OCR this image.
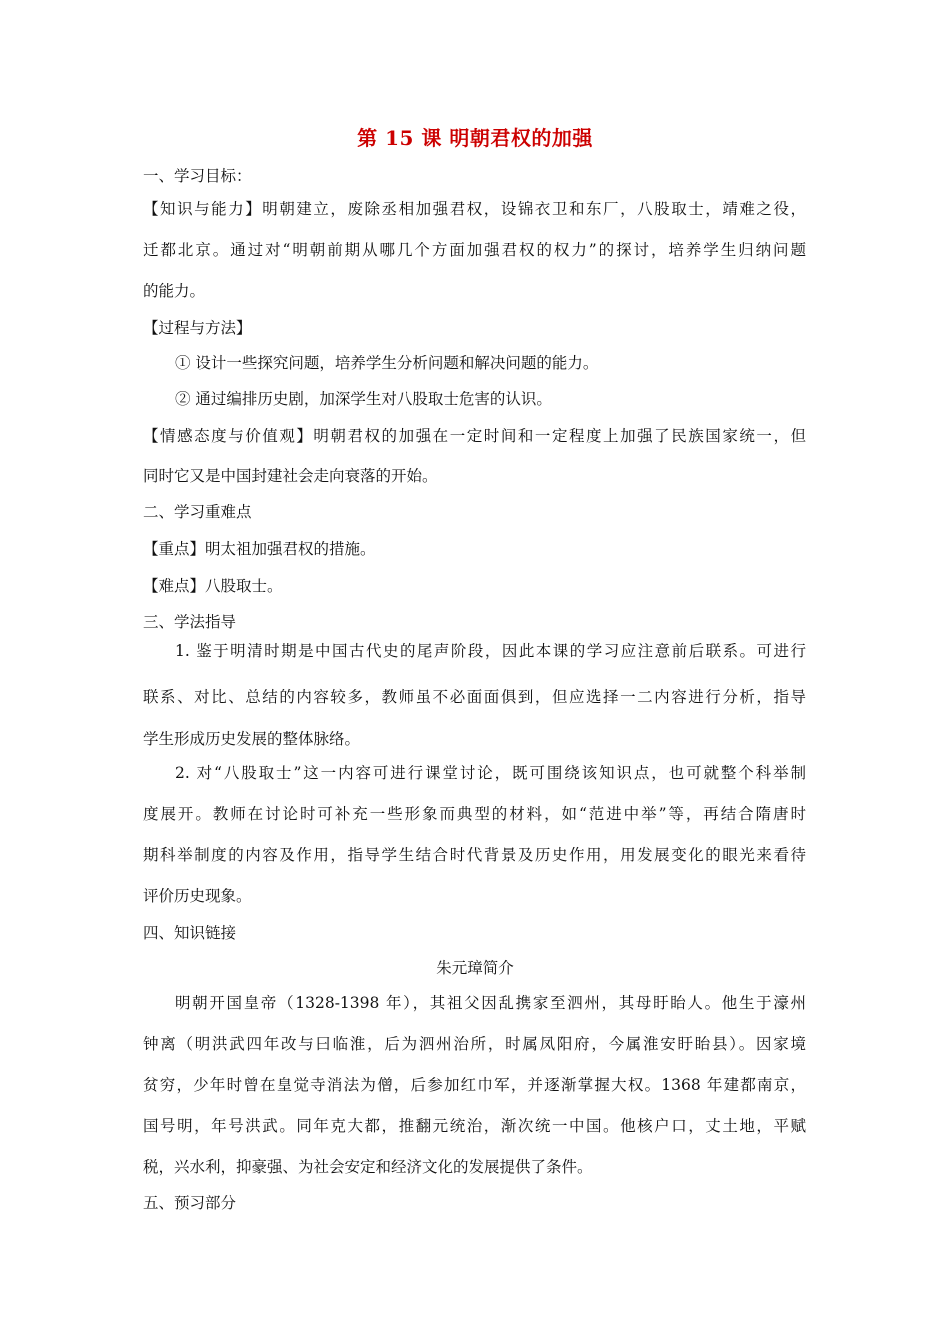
第 15 课 明朝君权的加强
一、学习目标：
【知识与能力】明朝建立，废除丞相加强君权，设锦衣卫和东厂，八股取士，靖难之役，
迁都北京。通过对“明朝前期从哪几个方面加强君权的权力”的探讨，培养学生归纳问题
的能力。
【过程与方法】
① 设计一些探究问题，培养学生分析问题和解决问题的能力。
② 通过编排历史剧，加深学生对八股取士危害的认识。
【情感态度与价值观】明朝君权的加强在一定时间和一定程度上加强了民族国家统一，但
同时它又是中国封建社会走向衰落的开始。
二、学习重难点
【重点】明太祖加强君权的措施。
【难点】八股取士。
三、学法指导
1. 鉴于明清时期是中国古代史的尾声阶段，因此本课的学习应注意前后联系。可进行
联系、对比、总结的内容较多，教师虽不必面面俱到，但应选择一二内容进行分析，指导
学生形成历史发展的整体脉络。
2. 对“八股取士”这一内容可进行课堂讨论，既可围绕该知识点，也可就整个科举制
度展开。教师在讨论时可补充一些形象而典型的材料，如“范进中举”等，再结合隋唐时
期科举制度的内容及作用，指导学生结合时代背景及历史作用，用发展变化的眼光来看待
评价历史现象。
四、知识链接
朱元璋简介
明朝开国皇帝（1328-1398 年），其祖父因乱携家至泗州，其母盱眙人。他生于濠州
钟离（明洪武四年改与曰临淮，后为泗州治所，时属凤阳府，今属淮安盱眙县）。因家境
贫穷，少年时曾在皇觉寺消法为僧，后参加红巾军，并逐渐掌握大权。1368 年建都南京，
国号明，年号洪武。同年克大都，推翻元统治，渐次统一中国。他核户口，丈土地，平赋
税，兴水利，抑豪强、为社会安定和经济文化的发展提供了条件。
五、预习部分
